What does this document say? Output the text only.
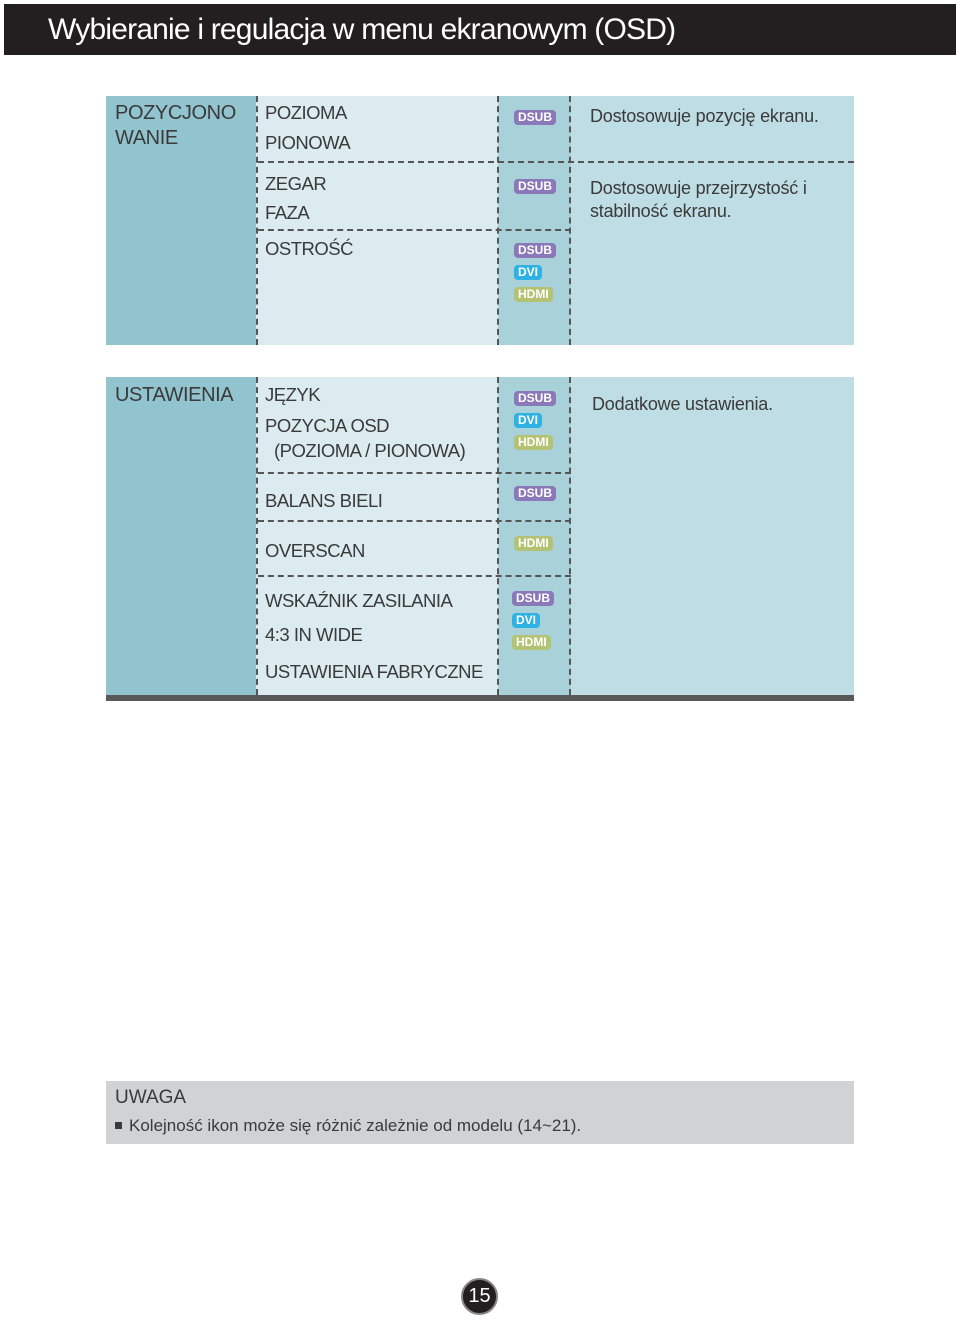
Wybieranie i regulacja w menu ekranowym (OSD)
POZYCJONO
WANIE
POZIOMA
PIONOWA
ZEGAR
FAZA
OSTROŚĆ
DSUB
DSUB
DSUB
DVI
HDMI
Dostosowuje pozycję ekranu.
Dostosowuje przejrzystość i
stabilność ekranu.
USTAWIENIA JĘZYK
POZYCJA OSD
(POZIOMA / PIONOWA)
BALANS BIELI
OVERSCAN
WSKAŹNIK ZASILANIA
4:3 IN WIDE
USTAWIENIA FABRYCZNE
DSUB
DVI
HDMI
DSUB
HDMI
DSUB
DVI
HDMI
Dodatkowe ustawienia.
UWAGA
Kolejność ikon może się różnić zależnie od modelu (14~21).
15
